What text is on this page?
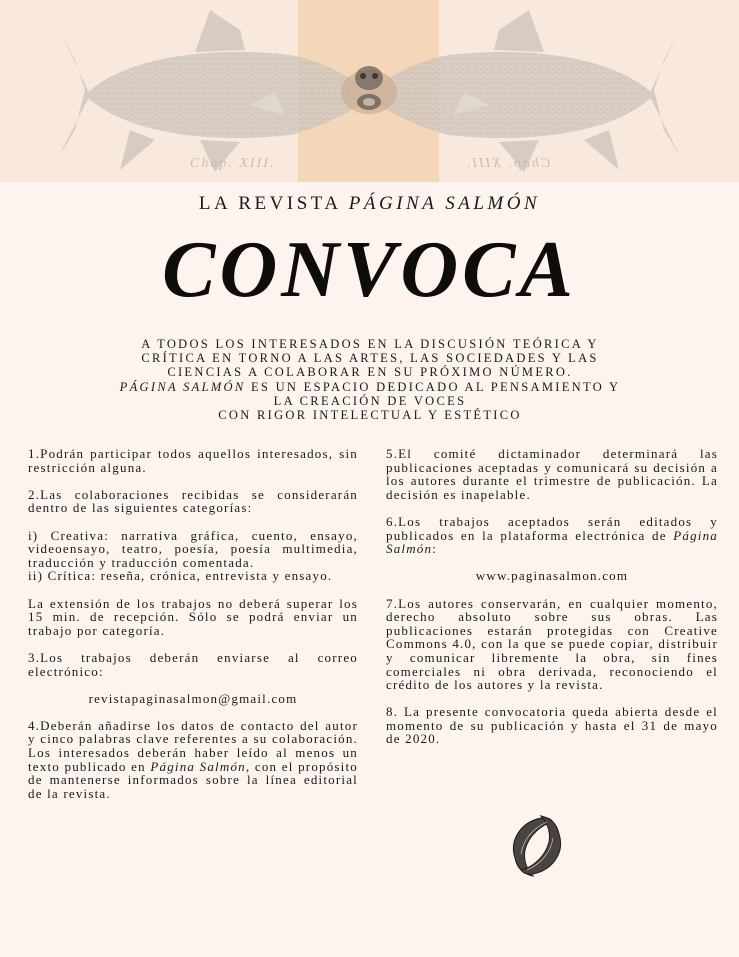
Chap. XIII.	Chap. XIII.
LA REVISTA PÁGINA SALMÓN
CONVOCA
A TODOS LOS INTERESADOS EN LA DISCUSIÓN TEÓRICA Y
CRÍTICA EN TORNO A LAS ARTES, LAS SOCIEDADES Y LAS
CIENCIAS A COLABORAR EN SU PRÓXIMO NÚMERO.
PÁGINA SALMÓN ES UN ESPACIO DEDICADO AL PENSAMIENTO Y
LA CREACIÓN DE VOCES
CON RIGOR INTELECTUAL Y ESTÉTICO

1.Podrán participar todos aquellos interesados, sin restricción alguna.

2.Las colaboraciones recibidas se considerarán dentro de las siguientes categorías:

i) Creativa: narrativa gráfica, cuento, ensayo, videoensayo, teatro, poesía, poesía multimedia, traducción y traducción comentada.

ii) Crítica: reseña, crónica, entrevista y ensayo.

La extensión de los trabajos no deberá superar los 15 min. de recepción. Sólo se podrá enviar un trabajo por categoría.

3.Los trabajos deberán enviarse al correo electrónico:

revistapaginasalmon@gmail.com

4.Deberán añadirse los datos de contacto del autor y cinco palabras clave referentes a su colaboración. Los interesados deberán haber leído al menos un texto publicado en Página Salmón, con el propósito de mantenerse informados sobre la línea editorial de la revista.

5.El comité dictaminador determinará las publicaciones aceptadas y comunicará su decisión a los autores durante el trimestre de publicación. La decisión es inapelable.

6.Los trabajos aceptados serán editados y publicados en la plataforma electrónica de Página Salmón:

www.paginasalmon.com

7.Los autores conservarán, en cualquier momento, derecho absoluto sobre sus obras. Las publicaciones estarán protegidas con Creative Commons 4.0, con la que se puede copiar, distribuir y comunicar libremente la obra, sin fines comerciales ni obra derivada, reconociendo el crédito de los autores y la revista.

8. La presente convocatoria queda abierta desde el momento de su publicación y hasta el 31 de mayo de 2020.
